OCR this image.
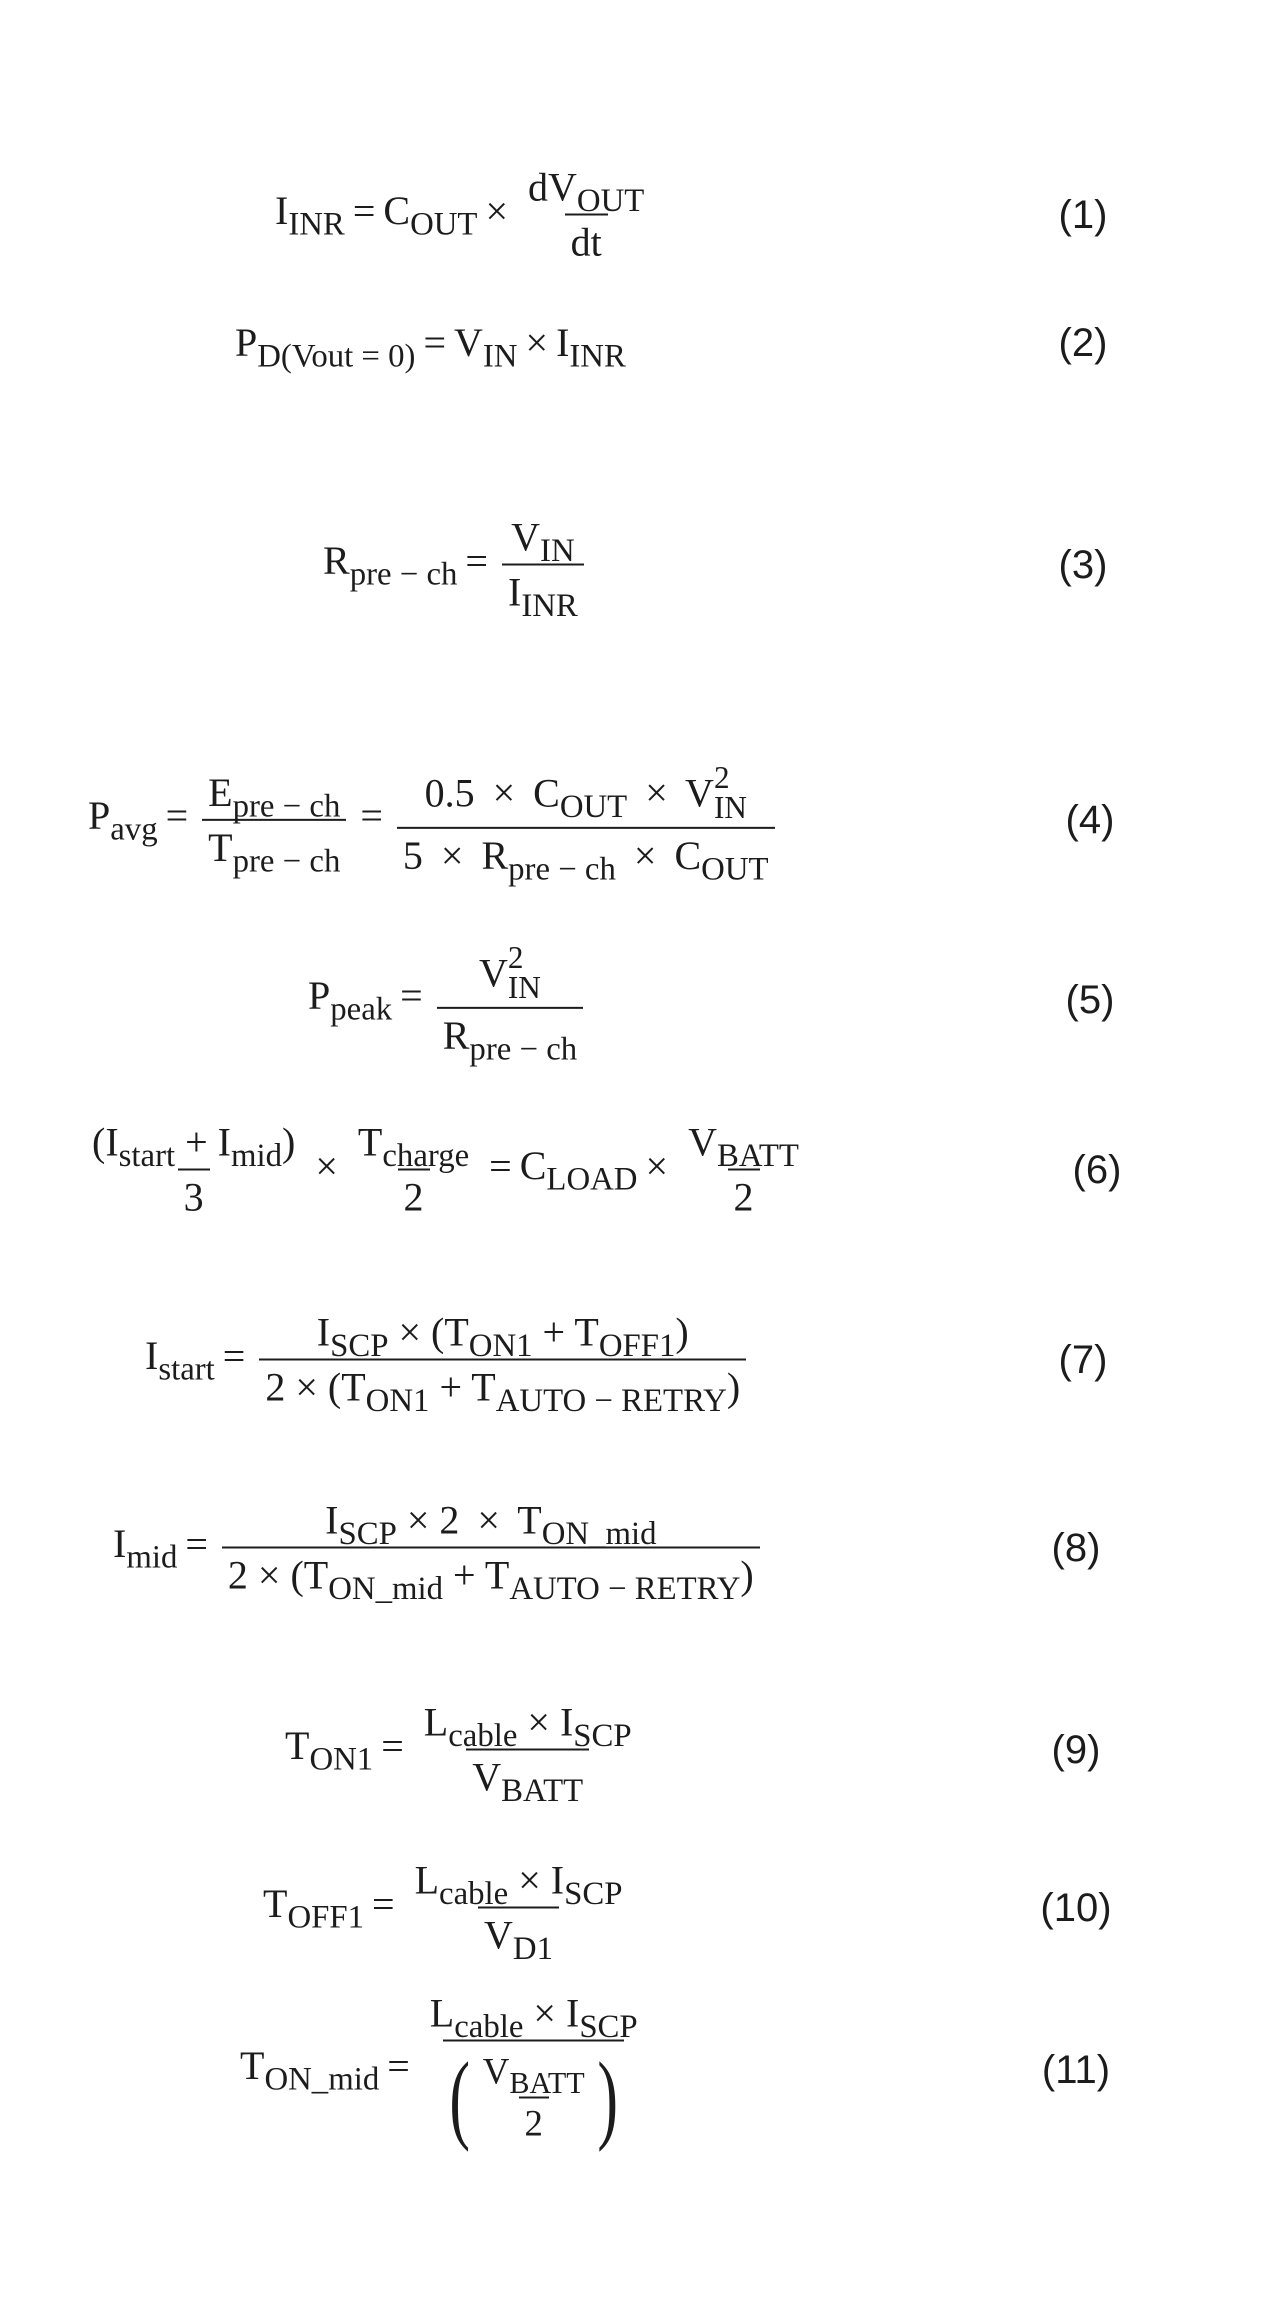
$I_{INR} = C_{OUT} \times \frac{dV_{OUT}}{dt}$	(1)
$P_{D(Vout = 0)} = V_{IN} \times I_{INR}$	(2)
$R_{pre - ch} = \frac{V_{IN}}{I_{INR}}$	(3)
$P_{avg} = \frac{E_{pre - ch}}{T_{pre - ch}} = 0.5 \times C_{OUT} \times V$ 2
IN
$5 \times R_{pre - ch} \times C_{OUT}$	(4)
$P_{peak} = V$ 2
IN
$R_{pre - ch}$	(5)
$\frac{(I_{start} + I_{mid})}{3} \times \frac{T_{charge}}{2} = C_{LOAD} \times \frac{V_{BATT}}{2}$	(6)
$I_{start} = \frac{I_{SCP} \times (T_{ON1} + T_{OFF1})}{2 \times (T_{ON1} + T_{AUTO - RETRY})}$	(7)
$I_{mid} = \frac{I_{SCP} \times 2 \times T_{ON\_mid}}{2 \times (T_{ON\_mid} + T_{AUTO - RETRY})}$	(8)
$T_{ON1} = \frac{L_{cable} \times I_{SCP}}{V_{BATT}}$	(9)
$T_{OFF1} = \frac{L_{cable} \times I_{SCP}}{V_{D1}}$	(10)
$T_{ON\_mid} = \frac{L_{cable} \times I_{SCP}}{( \frac{V_{BATT}}{2} )}$	(11)
